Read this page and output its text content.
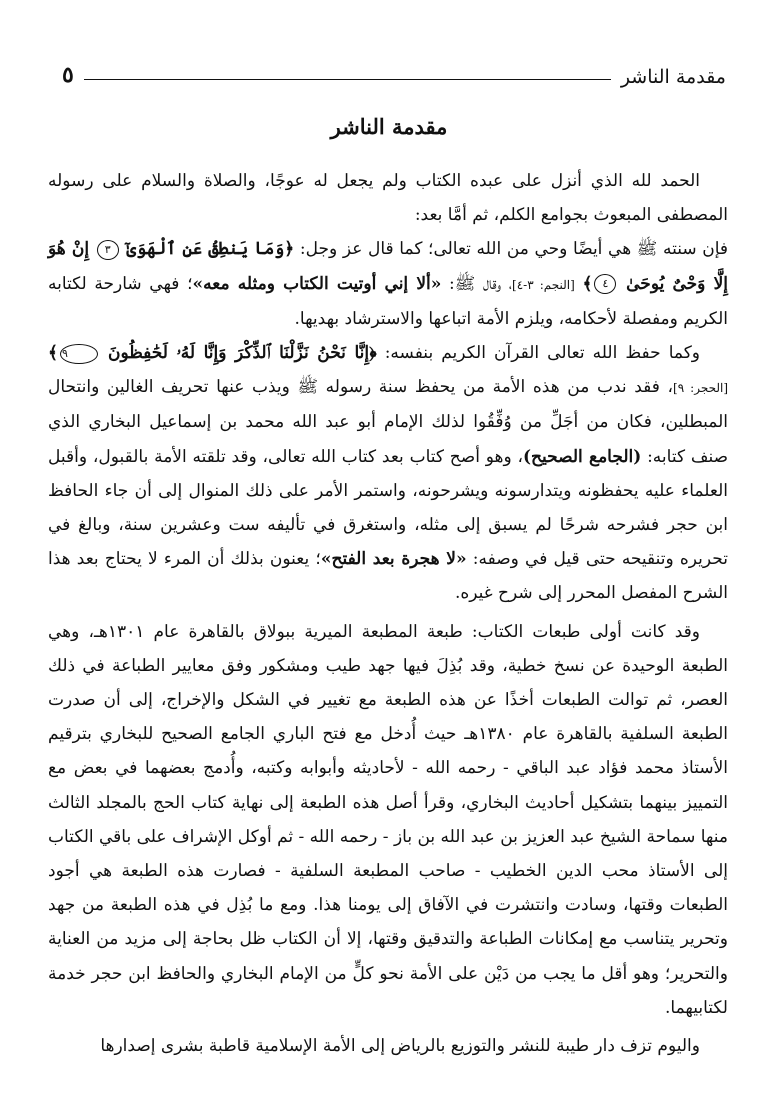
مقدمة الناشر
٥
مقدمة الناشر

الحمد لله الذي أنزل على عبده الكتاب ولم يجعل له عوجًا، والصلاة والسلام على رسوله المصطفى المبعوث بجوامع الكلم، ثم أمَّا بعد:

فإن سنته ﷺ هي أيضًا وحي من الله تعالى؛ كما قال عز وجل: ﴿وَمَا يَنطِقُ عَنِ ٱلْهَوَىٰٓ ٣ إِنْ هُوَ إِلَّا وَحْىٌ يُوحَىٰ ٤﴾ [النجم: ٣-٤]، وقال ﷺ: «ألا إني أوتيت الكتاب ومثله معه»؛ فهي شارحة لكتابه الكريم ومفصلة لأحكامه، ويلزم الأمة اتباعها والاسترشاد بهديها.

وكما حفظ الله تعالى القرآن الكريم بنفسه: ﴿إِنَّا نَحْنُ نَزَّلْنَا ٱلذِّكْرَ وَإِنَّا لَهُۥ لَحَٰفِظُونَ ٩﴾ [الحجر: ٩]، فقد ندب من هذه الأمة من يحفظ سنة رسوله ﷺ ويذب عنها تحريف الغالين وانتحال المبطلين، فكان من أجَلِّ من وُفِّقُوا لذلك الإمام أبو عبد الله محمد بن إسماعيل البخاري الذي صنف كتابه: (الجامع الصحيح)، وهو أصح كتاب بعد كتاب الله تعالى، وقد تلقته الأمة بالقبول، وأقبل العلماء عليه يحفظونه ويتدارسونه ويشرحونه، واستمر الأمر على ذلك المنوال إلى أن جاء الحافظ ابن حجر فشرحه شرحًا لم يسبق إلى مثله، واستغرق في تأليفه ست وعشرين سنة، وبالغ في تحريره وتنقيحه حتى قيل في وصفه: «لا هجرة بعد الفتح»؛ يعنون بذلك أن المرء لا يحتاج بعد هذا الشرح المفصل المحرر إلى شرح غيره.

وقد كانت أولى طبعات الكتاب: طبعة المطبعة الميرية ببولاق بالقاهرة عام ١٣٠١هـ، وهي الطبعة الوحيدة عن نسخ خطية، وقد بُذِلَ فيها جهد طيب ومشكور وفق معايير الطباعة في ذلك العصر، ثم توالت الطبعات أخذًا عن هذه الطبعة مع تغيير في الشكل والإخراج، إلى أن صدرت الطبعة السلفية بالقاهرة عام ١٣٨٠هـ حيث أُدخل مع فتح الباري الجامع الصحيح للبخاري بترقيم الأستاذ محمد فؤاد عبد الباقي - رحمه الله - لأحاديثه وأبوابه وكتبه، وأُدمج بعضهما في بعض مع التمييز بينهما بتشكيل أحاديث البخاري، وقرأ أصل هذه الطبعة إلى نهاية كتاب الحج بالمجلد الثالث منها سماحة الشيخ عبد العزيز بن عبد الله بن باز - رحمه الله - ثم أوكل الإشراف على باقي الكتاب إلى الأستاذ محب الدين الخطيب - صاحب المطبعة السلفية - فصارت هذه الطبعة هي أجود الطبعات وقتها، وسادت وانتشرت في الآفاق إلى يومنا هذا. ومع ما بُذِل في هذه الطبعة من جهد وتحرير يتناسب مع إمكانات الطباعة والتدقيق وقتها، إلا أن الكتاب ظل بحاجة إلى مزيد من العناية والتحرير؛ وهو أقل ما يجب من دَيْن على الأمة نحو كلٍّ من الإمام البخاري والحافظ ابن حجر خدمة لكتابيهما.

واليوم تزف دار طيبة للنشر والتوزيع بالرياض إلى الأمة الإسلامية قاطبة بشرى إصدارها
